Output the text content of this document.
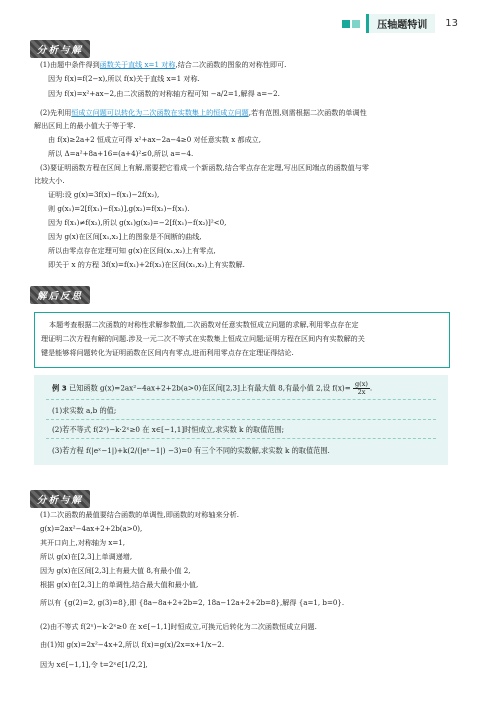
压轴题特训	13
分析与解
(1)由题中条件得到函数关于直线 x=1 对称,结合二次函数的图象的对称性即可.
因为 f(x)=f(2−x),所以 f(x)关于直线 x=1 对称.
因为 f(x)=x²+ax−2,由二次函数的对称轴方程可知 −a/2=1,解得 a=−2.
(2)先利用恒成立问题可以转化为二次函数在实数集上的恒成立问题,若有范围,则需根据二次函数的单调性
解出区间上的最小值大于等于零.
由 f(x)≥2a+2 恒成立可得 x²+ax−2a−4≥0 对任意实数 x 都成立,
所以 Δ=a²+8a+16=(a+4)²≤0,所以 a=−4.
(3)要证明函数方程在区间上有解,需要把它看成一个新函数,结合零点存在定理,写出区间端点的函数值与零
比较大小.
证明:设 g(x)=3f(x)−f(x₁)−2f(x₂),
则 g(x₁)=2[f(x₁)−f(x₂)],g(x₂)=f(x₂)−f(x₁).
因为 f(x₁)≠f(x₂),所以 g(x₁)g(x₂)=−2[f(x₁)−f(x₂)]²<0,
因为 g(x)在区间[x₁,x₂]上的图象是不间断的曲线,
所以由零点存在定理可知 g(x)在区间(x₁,x₂)上有零点,
即关于 x 的方程 3f(x)=f(x₁)+2f(x₂)在区间(x₁,x₂)上有实数解.
解后反思
本题考查根据二次函数的对称性求解参数值,二次函数对任意实数恒成立问题的求解,利用零点存在定
理证明二次方程有解的问题.涉及一元二次不等式在实数集上恒成立问题;证明方程在区间内有实数解的关
键是能够将问题转化为证明函数在区间内有零点,进而利用零点存在定理证得结论.
例 3 已知函数 g(x)=2ax²−4ax+2+2b(a>0)在区间[2,3]上有最大值 8,有最小值 2,设 $f(x)= \frac{g(x)}{2x}$ .
(1)求实数 a,b 的值;
(2)若不等式 f(2ˣ)−k·2ˣ≥0 在 x∈[−1,1]时恒成立,求实数 k 的取值范围;
(3)若方程 f(|eˣ−1|)+k(2/(|eˣ−1|) −3)=0 有三个不同的实数解,求实数 k 的取值范围.
分析与解
(1)二次函数的最值要结合函数的单调性,即函数的对称轴来分析.
g(x)=2ax²−4ax+2+2b(a>0),
其开口向上,对称轴为 x=1,
所以 g(x)在[2,3]上单调递增,
因为 g(x)在区间[2,3]上有最大值 8,有最小值 2,
根据 g(x)在[2,3]上的单调性,结合最大值和最小值,
所以有 {g(2)=2, g(3)=8},即 {8a−8a+2+2b=2, 18a−12a+2+2b=8},解得 {a=1, b=0}.
(2)由不等式 f(2ˣ)−k·2ˣ≥0 在 x∈[−1,1]时恒成立,可换元后转化为二次函数恒成立问题.
由(1)知 g(x)=2x²−4x+2,所以 f(x)=g(x)/2x=x+1/x−2.
因为 x∈[−1,1],令 t=2ˣ∈[1/2,2],
